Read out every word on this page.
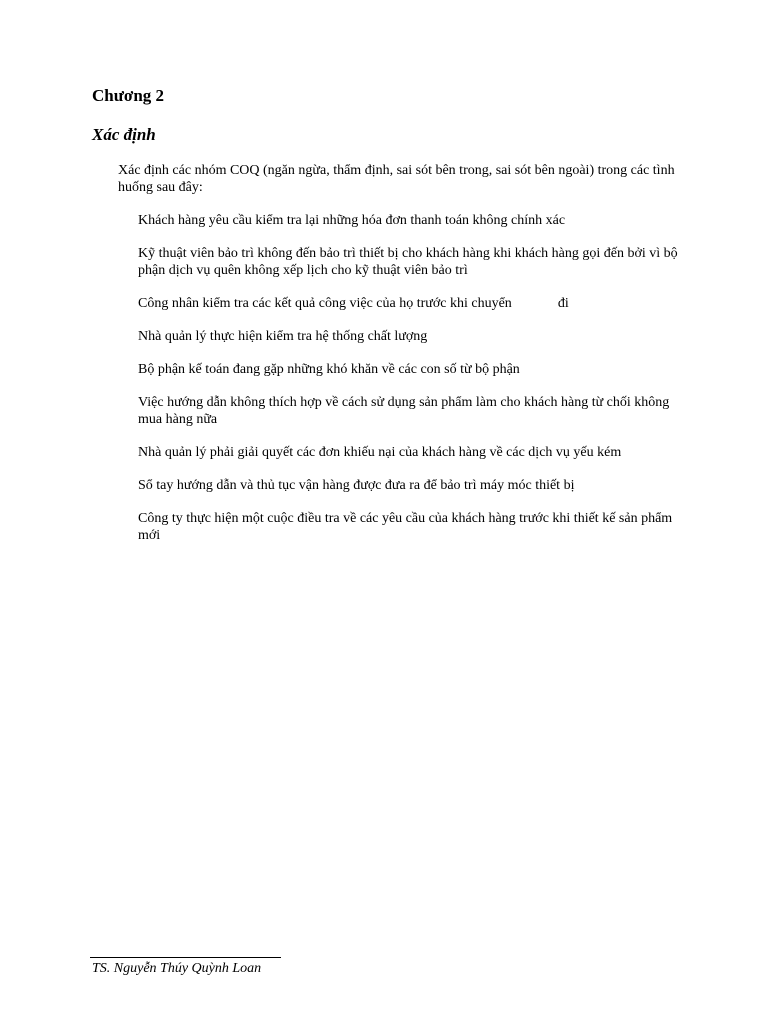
Chương 2
Xác định

Xác định các nhóm COQ (ngăn ngừa, thẩm định, sai sót bên trong, sai sót bên ngoài) trong các tình huống sau đây:

Khách hàng yêu cầu kiểm tra lại những hóa đơn thanh toán không chính xác
Kỹ thuật viên bảo trì không đến bảo trì thiết bị cho khách hàng khi khách hàng gọi đến bởi vì bộ phận dịch vụ quên không xếp lịch cho kỹ thuật viên bảo trì
Công nhân kiểm tra các kết quả công việc của họ trước khi chuyển	đi
Nhà quản lý thực hiện kiểm tra hệ thống chất lượng
Bộ phận kế toán đang gặp những khó khăn về các con số từ bộ phận
Việc hướng dẫn không thích hợp về cách sử dụng sản phẩm làm cho khách hàng từ chối không mua hàng nữa
Nhà quản lý phải giải quyết các đơn khiếu nại của khách hàng về các dịch vụ yếu kém
Sổ tay hướng dẫn và thủ tục vận hàng được đưa ra để bảo trì máy móc thiết bị
Công ty thực hiện một cuộc điều tra về các yêu cầu của khách hàng trước khi thiết kế sản phẩm mới

TS. Nguyễn Thúy Quỳnh Loan
